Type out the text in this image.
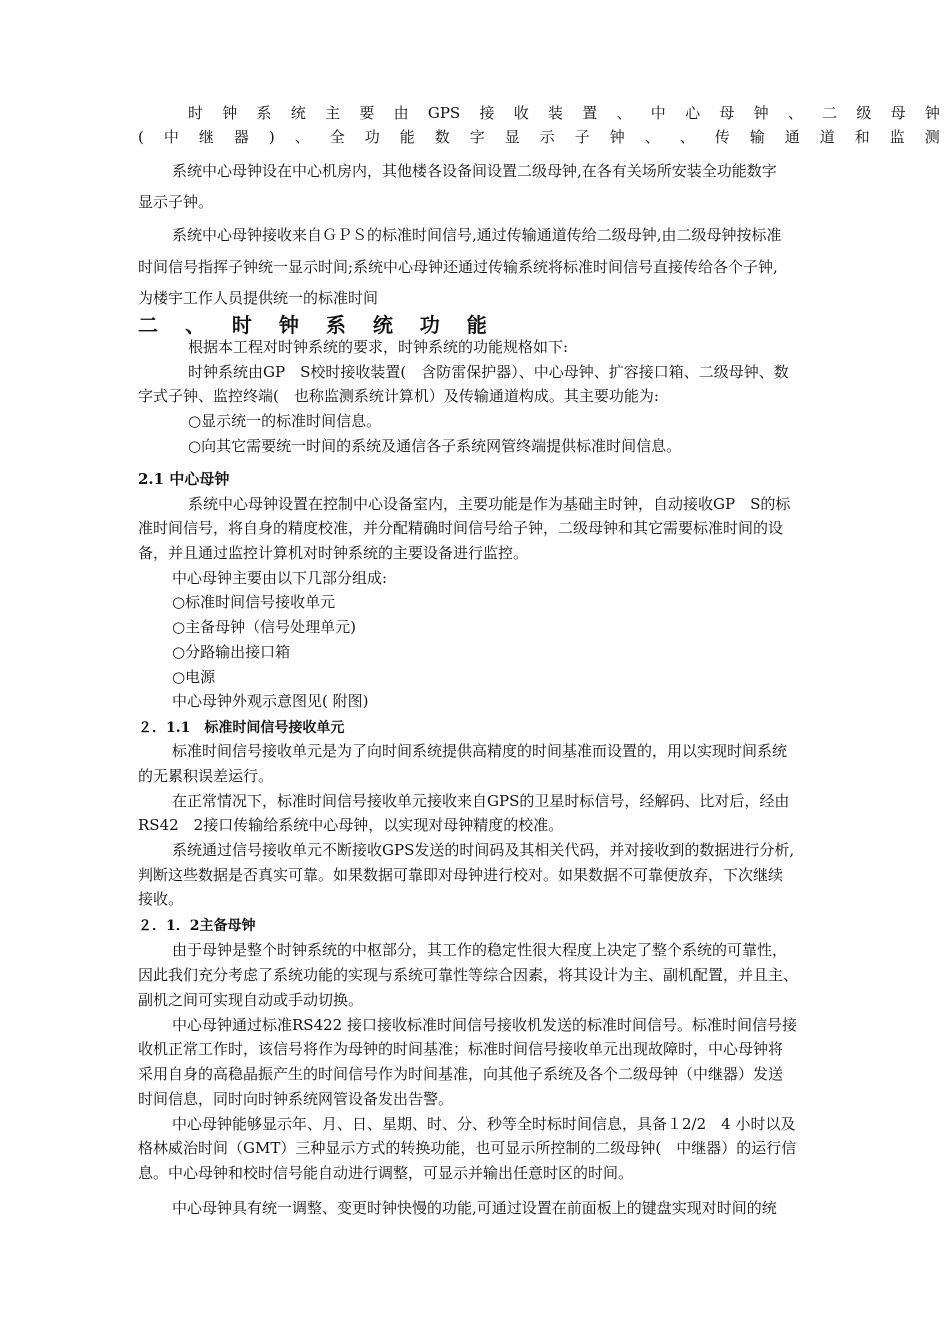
时 钟 系 统 主 要 由 GPS 接 收 装 置 、 中 心 母 钟 、 二 级 母 钟
( 中 继 器 ) 、 全 功 能 数 字 显 示 子 钟 、 、 传 输 通 道 和 监 测
系统中心母钟设在中心机房内，其他楼各设备间设置二级母钟,在各有关场所安装全功能数字
显示子钟。
系统中心母钟接收来自ＧＰＳ的标准时间信号,通过传输通道传给二级母钟,由二级母钟按标准
时间信号指挥子钟统一显示时间;系统中心母钟还通过传输系统将标准时间信号直接传给各个子钟,
为楼宇工作人员提供统一的标准时间
二 、 时 钟 系 统 功 能
根据本工程对时钟系统的要求，时钟系统的功能规格如下:
时钟系统由GP　S校时接收装置(　含防雷保护器）、中心母钟、扩容接口箱、二级母钟、数
字式子钟、监控终端(　也称监测系统计算机）及传输通道构成。其主要功能为:
○显示统一的标准时间信息。
○向其它需要统一时间的系统及通信各子系统网管终端提供标准时间信息。
2.1 中心母钟
系统中心母钟设置在控制中心设备室内，主要功能是作为基础主时钟，自动接收GP　S的标
准时间信号，将自身的精度校准，并分配精确时间信号给子钟，二级母钟和其它需要标准时间的设
备，并且通过监控计算机对时钟系统的主要设备进行监控。
中心母钟主要由以下几部分组成:
○标准时间信号接收单元
○主备母钟（信号处理单元)
○分路输出接口箱
○电源
中心母钟外观示意图见( 附图)
２．1.1　标准时间信号接收单元
标准时间信号接收单元是为了向时间系统提供高精度的时间基准而设置的，用以实现时间系统
的无累积误差运行。
在正常情况下，标准时间信号接收单元接收来自GPS的卫星时标信号，经解码、比对后，经由
RS42　2接口传输给系统中心母钟，以实现对母钟精度的校准。
系统通过信号接收单元不断接收GPS发送的时间码及其相关代码，并对接收到的数据进行分析,
判断这些数据是否真实可靠。如果数据可靠即对母钟进行校对。如果数据不可靠便放弃，下次继续
接收。
２．1．2主备母钟
由于母钟是整个时钟系统的中枢部分，其工作的稳定性很大程度上决定了整个系统的可靠性，
因此我们充分考虑了系统功能的实现与系统可靠性等综合因素，将其设计为主、副机配置，并且主、
副机之间可实现自动或手动切换。
中心母钟通过标准RS422 接口接收标准时间信号接收机发送的标准时间信号。标准时间信号接
收机正常工作时，该信号将作为母钟的时间基准；标准时间信号接收单元出现故障时，中心母钟将
采用自身的高稳晶振产生的时间信号作为时间基准，向其他子系统及各个二级母钟（中继器）发送
时间信息，同时向时钟系统网管设备发出告警。
中心母钟能够显示年、月、日、星期、时、分、秒等全时标时间信息，具备１2/2　4 小时以及
格林威治时间（GMT）三种显示方式的转换功能，也可显示所控制的二级母钟(　中继器）的运行信
息。中心母钟和校时信号能自动进行调整，可显示并输出任意时区的时间。
中心母钟具有统一调整、变更时钟快慢的功能,可通过设置在前面板上的键盘实现对时间的统
